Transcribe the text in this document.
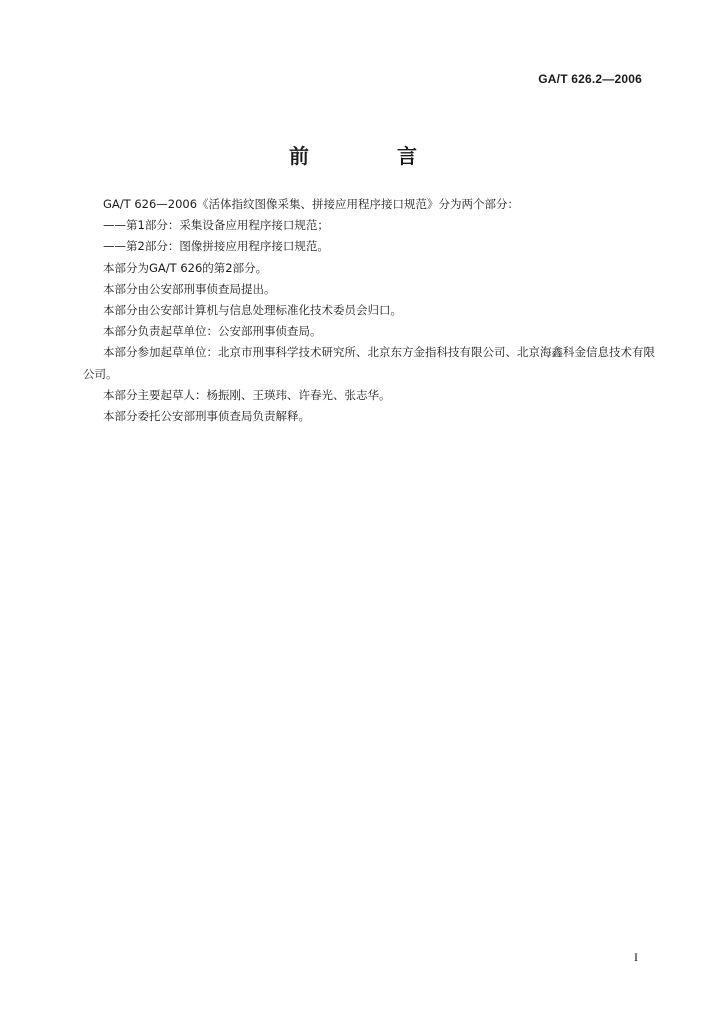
GA/T 626.2—2006
前　言

GA/T 626—2006《活体指纹图像采集、拼接应用程序接口规范》分为两个部分：

——第1部分：采集设备应用程序接口规范；

——第2部分：图像拼接应用程序接口规范。

本部分为GA/T 626的第2部分。

本部分由公安部刑事侦查局提出。

本部分由公安部计算机与信息处理标准化技术委员会归口。

本部分负责起草单位：公安部刑事侦查局。

本部分参加起草单位：北京市刑事科学技术研究所、北京东方金指科技有限公司、北京海鑫科金信息技术有限公司。

本部分主要起草人：杨振刚、王瑛玮、许春光、张志华。

本部分委托公安部刑事侦查局负责解释。

I
